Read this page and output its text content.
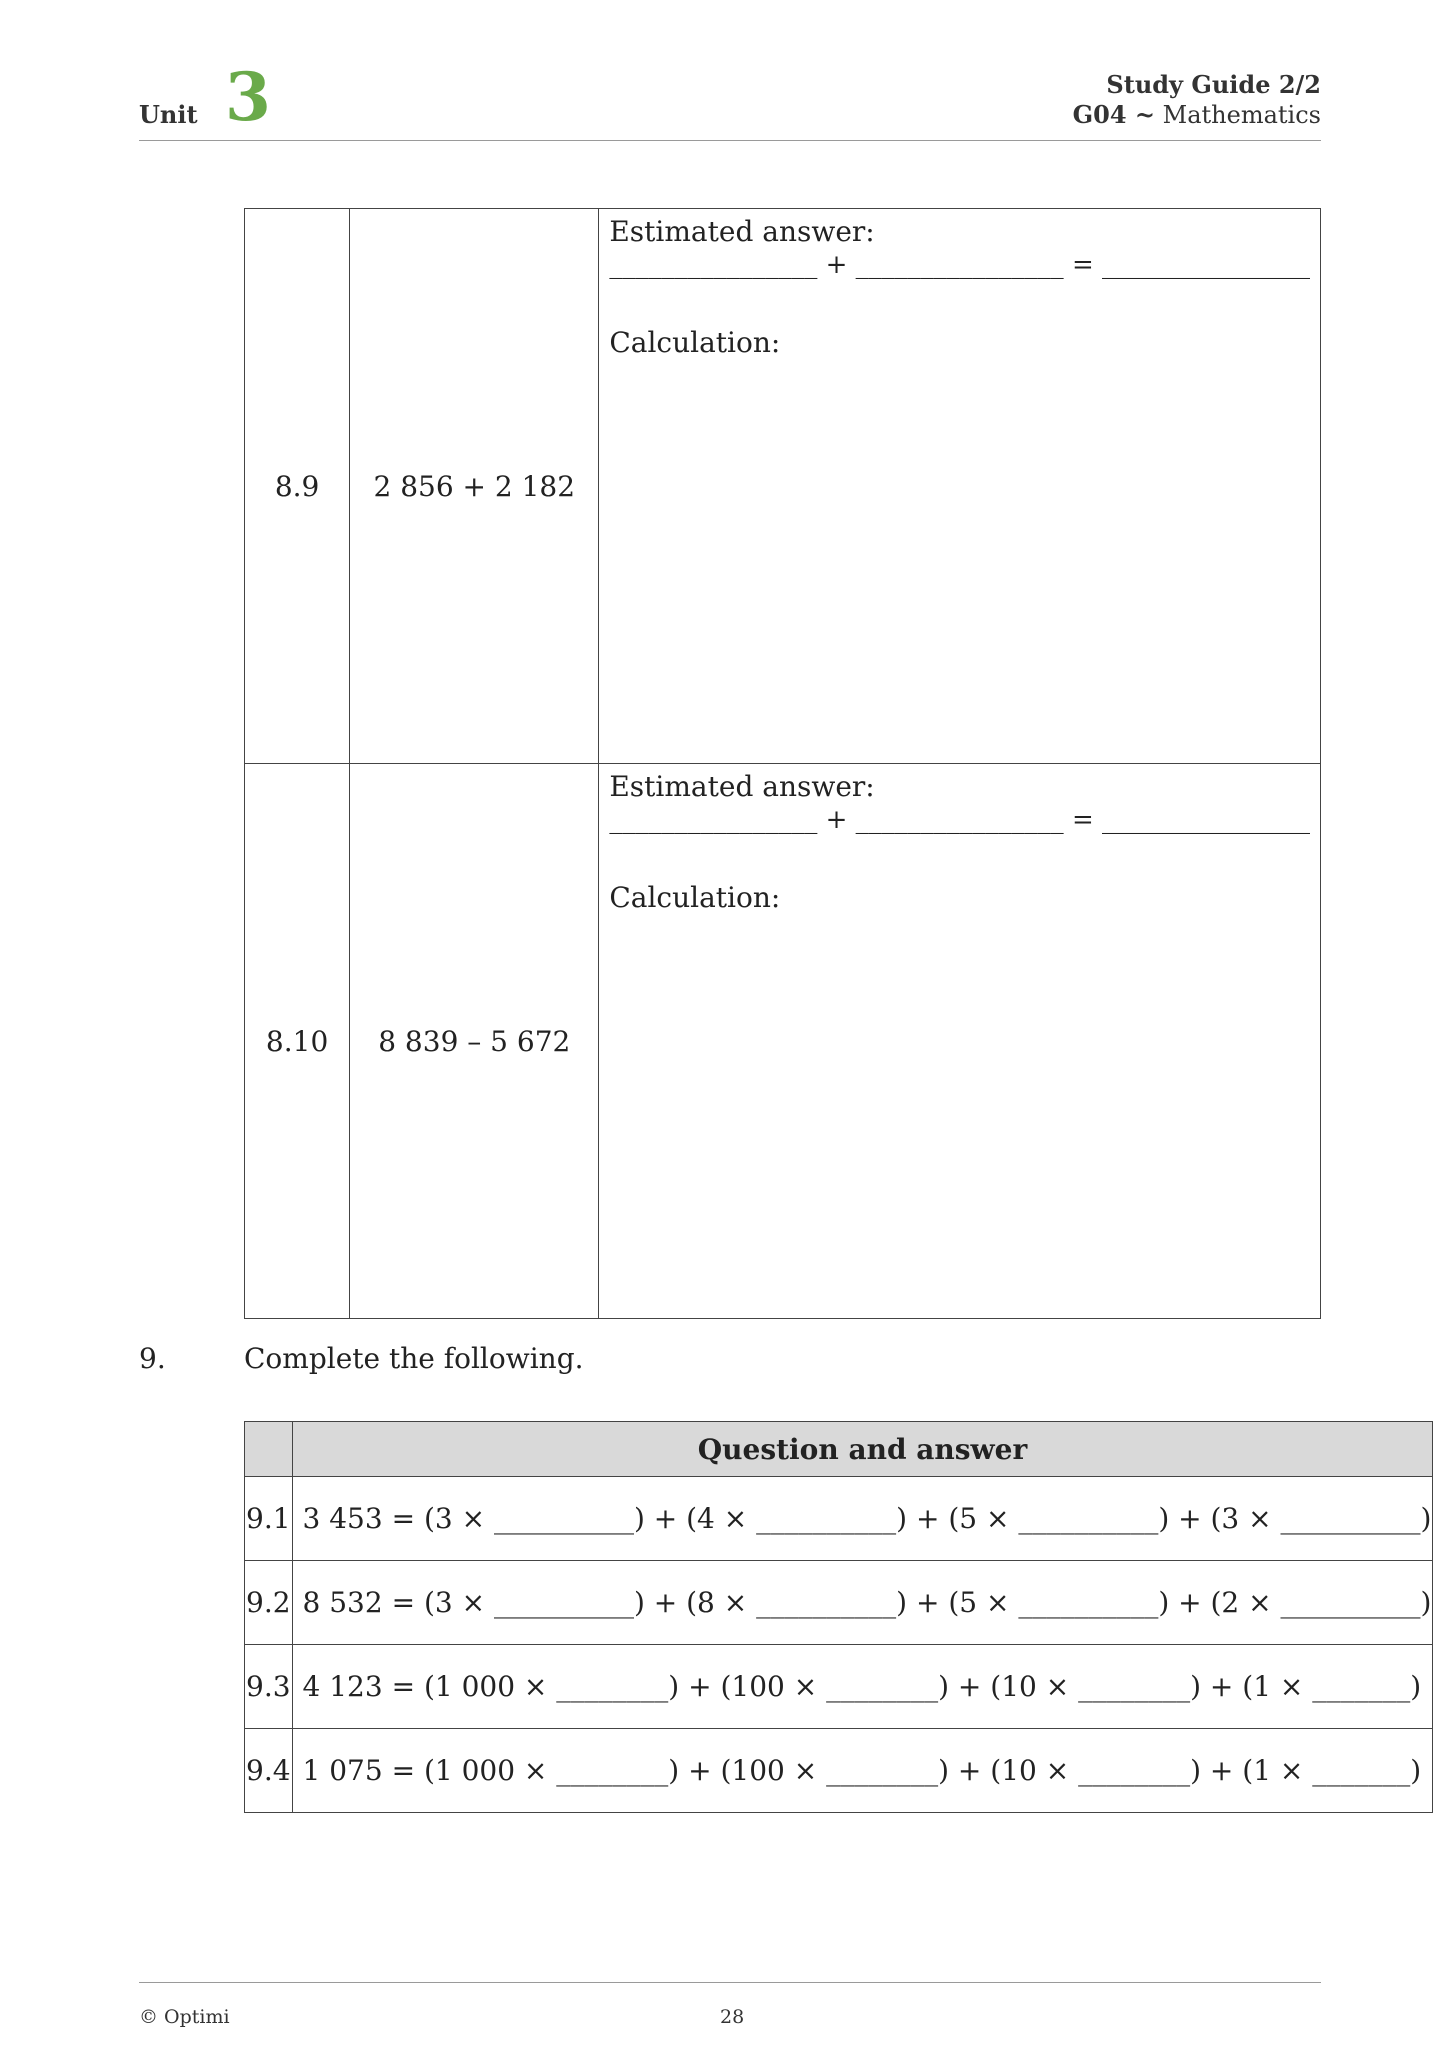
Unit 3	Study Guide 2/2
G04 ~ Mathematics
8.9	2 856 + 2 182	Estimated answer:
________________ + ________________ = ________________
Calculation:

8.10	8 839 – 5 672	Estimated answer:
________________ + ________________ = ________________
Calculation:
9.	Complete the following.
	Question and answer
9.1	3 453 = (3 × __________) + (4 × __________) + (5 × __________) + (3 × __________)
9.2	8 532 = (3 × __________) + (8 × __________) + (5 × __________) + (2 × __________)
9.3	4 123 = (1 000 × ________) + (100 × ________) + (10 × ________) + (1 × _______)
9.4	1 075 = (1 000 × ________) + (100 × ________) + (10 × ________) + (1 × _______)
© Optimi	28
